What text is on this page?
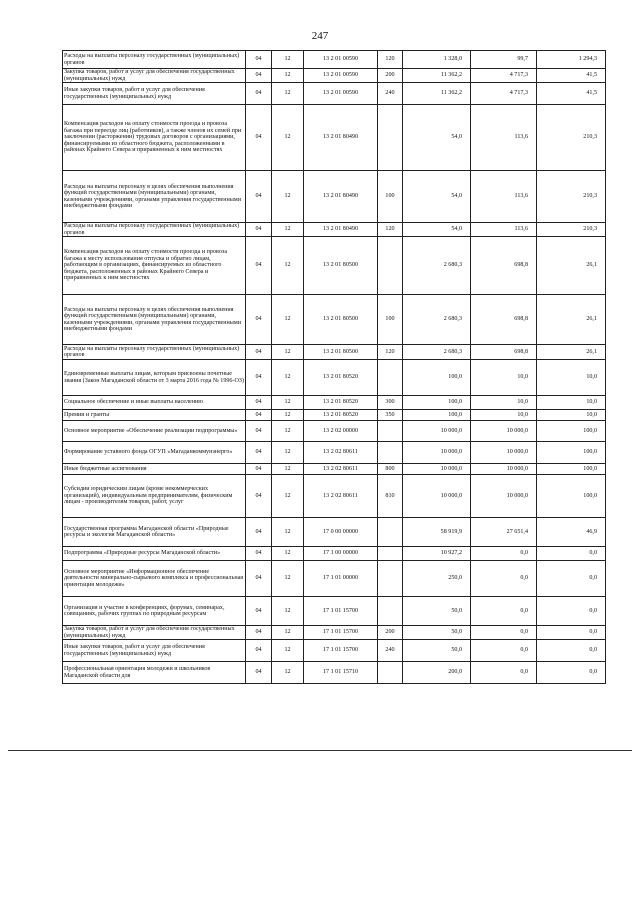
247
Расходы на выплаты персоналу государственных (муниципальных) органов	04	12	13 2 01 00590	120	1 328,0	99,7	1 294,3
Закупка товаров, работ и услуг для обеспечения государственных (муниципальных) нужд	04	12	13 2 01 00590	200	11 362,2	4 717,3	41,5
Иные закупки товаров, работ и услуг для обеспечения государственных (муниципальных) нужд	04	12	13 2 01 00590	240	11 362,2	4 717,3	41,5
Компенсация расходов на оплату стоимости проезда и провоза багажа при переезде лиц (работников), а также членов их семей при заключении (расторжении) трудовых договоров с организациями, финансируемыми из областного бюджета, расположенными в районах Крайнего Севера и приравненных к ним местностях	04	12	13 2 01 80490		54,0	113,6	210,3
Расходы на выплаты персоналу в целях обеспечения выполнения функций государственными (муниципальными) органами, казенными учреждениями, органами управления государственными внебюджетными фондами	04	12	13 2 01 80490	100	54,0	113,6	210,3
Расходы на выплаты персоналу государственных (муниципальных) органов	04	12	13 2 01 80490	120	54,0	113,6	210,3
Компенсация расходов на оплату стоимости проезда и провоза багажа к месту использования отпуска и обратно лицам, работающим в организациях, финансируемых из областного бюджета, расположенных в районах Крайнего Севера и приравненных к ним местностях	04	12	13 2 01 80500		2 680,3	698,8	26,1
Расходы на выплаты персоналу в целях обеспечения выполнения функций государственными (муниципальными) органами, казенными учреждениями, органами управления государственными внебюджетными фондами	04	12	13 2 01 80500	100	2 680,3	698,8	26,1
Расходы на выплаты персоналу государственных (муниципальных) органов	04	12	13 2 01 80500	120	2 680,3	698,8	26,1
Единовременные выплаты лицам, которым присвоены почетные звания (Закон Магаданской области от 3 марта 2016 года № 1996-ОЗ)	04	12	13 2 01 80520		100,0	10,0	10,0
Социальное обеспечение и иные выплаты населению	04	12	13 2 01 80520	300	100,0	10,0	10,0
Премии и гранты	04	12	13 2 01 80520	350	100,0	10,0	10,0
Основное мероприятие «Обеспечение реализации подпрограммы»	04	12	13 2 02 00000		10 000,0	10 000,0	100,0
Формирование уставного фонда ОГУП «Магаданкоммунэнерго»	04	12	13 2 02 80611		10 000,0	10 000,0	100,0
Иные бюджетные ассигнования	04	12	13 2 02 80611	800	10 000,0	10 000,0	100,0
Субсидии юридическим лицам (кроме некоммерческих организаций), индивидуальным предпринимателям, физическим лицам - производителям товаров, работ, услуг	04	12	13 2 02 80611	810	10 000,0	10 000,0	100,0
Государственная программа Магаданской области «Природные ресурсы и экология Магаданской области»	04	12	17 0 00 00000		58 919,9	27 651,4	46,9
Подпрограмма «Природные ресурсы Магаданской области»	04	12	17 1 00 00000		10 927,2	0,0	0,0
Основное мероприятие «Информационное обеспечение деятельности минерально-сырьевого комплекса и профессиональная ориентация молодежи»	04	12	17 1 01 00000		250,0	0,0	0,0
Организация и участие в конференциях, форумах, семинарах, совещаниях, рабочих группах по природным ресурсам	04	12	17 1 01 15700		50,0	0,0	0,0
Закупка товаров, работ и услуг для обеспечения государственных (муниципальных) нужд	04	12	17 1 01 15700	200	50,0	0,0	0,0
Иные закупки товаров, работ и услуг для обеспечения государственных (муниципальных) нужд	04	12	17 1 01 15700	240	50,0	0,0	0,0
Профессиональная ориентация молодежи и школьников Магаданской области для	04	12	17 1 01 15710		200,0	0,0	0,0
